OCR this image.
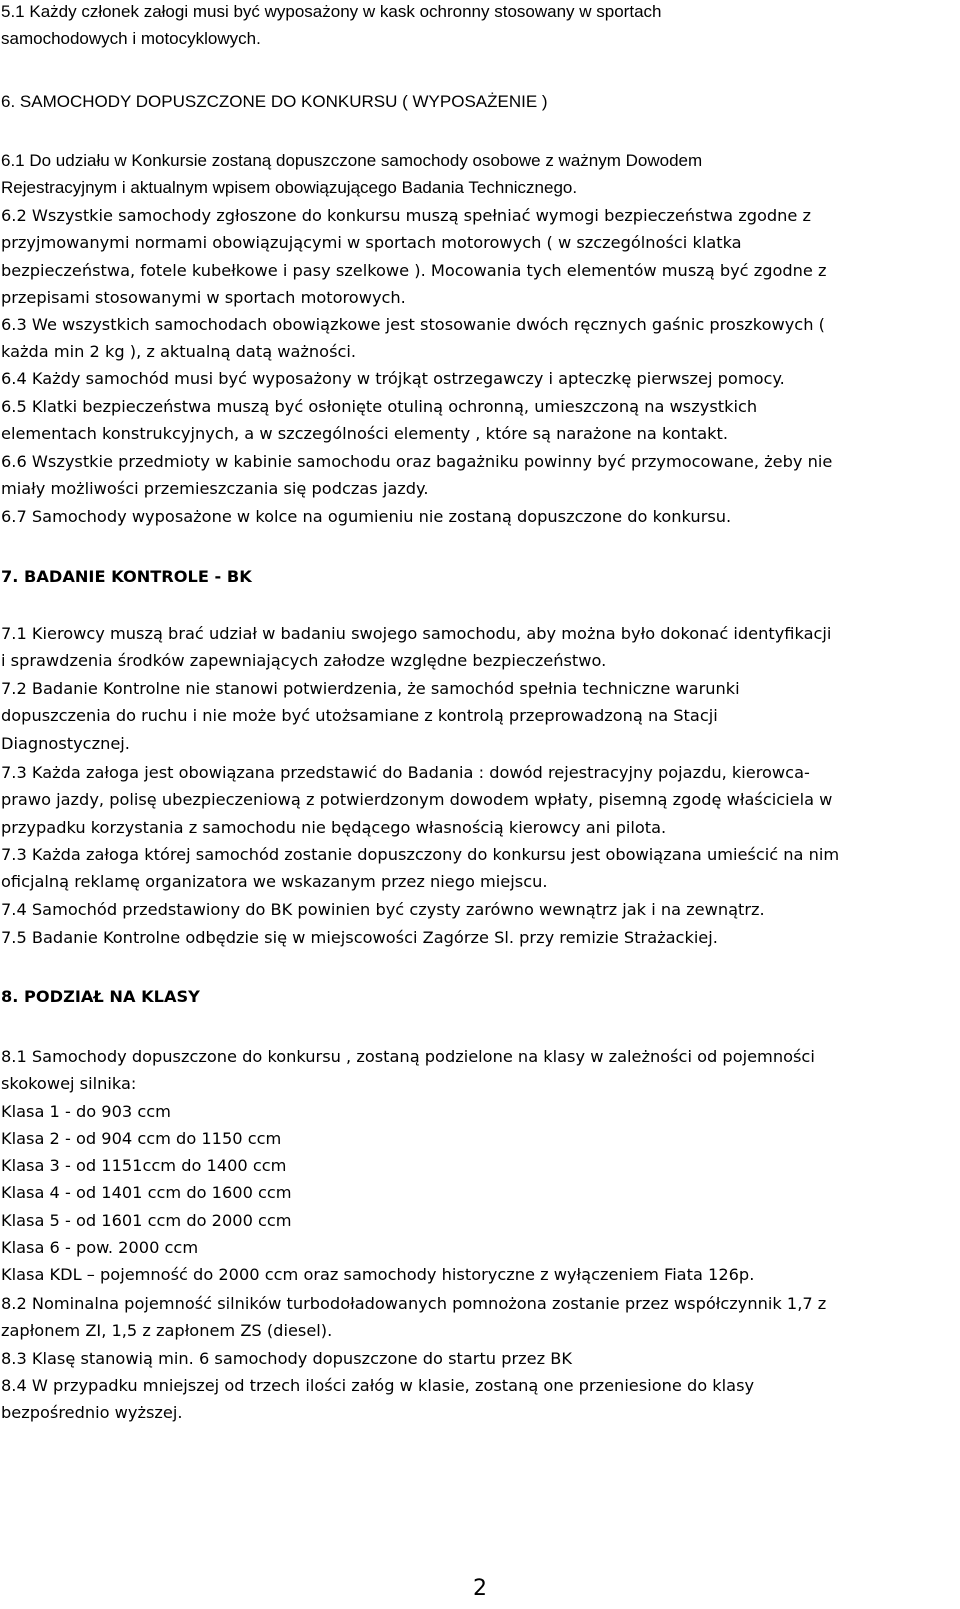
5.1 Każdy członek załogi musi być wyposażony w kask ochronny stosowany w sportach
samochodowych i motocyklowych.
6. SAMOCHODY DOPUSZCZONE DO KONKURSU ( WYPOSAŻENIE )
6.1 Do udziału w Konkursie zostaną dopuszczone samochody osobowe z ważnym Dowodem
Rejestracyjnym i aktualnym wpisem obowiązującego Badania Technicznego.
6.2 Wszystkie samochody zgłoszone do konkursu muszą spełniać wymogi bezpieczeństwa zgodne z
przyjmowanymi normami obowiązującymi w sportach motorowych ( w szczególności klatka
bezpieczeństwa, fotele kubełkowe i pasy szelkowe ). Mocowania tych elementów muszą być zgodne z
przepisami stosowanymi w sportach motorowych.
6.3 We wszystkich samochodach obowiązkowe jest stosowanie dwóch ręcznych gaśnic proszkowych (
każda min 2 kg ), z aktualną datą ważności.
6.4 Każdy samochód musi być wyposażony w trójkąt ostrzegawczy i apteczkę pierwszej pomocy.
6.5 Klatki bezpieczeństwa muszą być osłonięte otuliną ochronną, umieszczoną na wszystkich
elementach konstrukcyjnych, a w szczególności elementy , które są narażone na kontakt.
6.6 Wszystkie przedmioty w kabinie samochodu oraz bagażniku powinny być przymocowane, żeby nie
miały możliwości przemieszczania się podczas jazdy.
6.7 Samochody wyposażone w kolce na ogumieniu nie zostaną dopuszczone do konkursu.
7. BADANIE KONTROLE - BK
7.1 Kierowcy muszą brać udział w badaniu swojego samochodu, aby można było dokonać identyfikacji
i sprawdzenia środków zapewniających załodze względne bezpieczeństwo.
7.2 Badanie Kontrolne nie stanowi potwierdzenia, że samochód spełnia techniczne warunki
dopuszczenia do ruchu i nie może być utożsamiane z kontrolą przeprowadzoną na Stacji
Diagnostycznej.
7.3 Każda załoga jest obowiązana przedstawić do Badania : dowód rejestracyjny pojazdu, kierowca-
prawo jazdy, polisę ubezpieczeniową z potwierdzonym dowodem wpłaty, pisemną zgodę właściciela w
przypadku korzystania z samochodu nie będącego własnością kierowcy ani pilota.
7.3 Każda załoga której samochód zostanie dopuszczony do konkursu jest obowiązana umieścić na nim
oficjalną reklamę organizatora we wskazanym przez niego miejscu.
7.4 Samochód przedstawiony do BK powinien być czysty zarówno wewnątrz jak i na zewnątrz.
7.5 Badanie Kontrolne odbędzie się w miejscowości Zagórze Sl. przy remizie Strażackiej.
8. PODZIAŁ NA KLASY
8.1 Samochody dopuszczone do konkursu , zostaną podzielone na klasy w zależności od pojemności
skokowej silnika:
Klasa 1 - do 903 ccm
Klasa 2 - od 904 ccm do 1150 ccm
Klasa 3 - od 1151ccm do 1400 ccm
Klasa 4 - od 1401 ccm do 1600 ccm
Klasa 5 - od 1601 ccm do 2000 ccm
Klasa 6 - pow. 2000 ccm
Klasa KDL – pojemność do 2000 ccm oraz samochody historyczne z wyłączeniem Fiata 126p.
8.2 Nominalna pojemność silników turbodoładowanych pomnożona zostanie przez współczynnik 1,7 z
zapłonem ZI, 1,5 z zapłonem ZS (diesel).
8.3 Klasę stanowią min. 6 samochody dopuszczone do startu przez BK
8.4 W przypadku mniejszej od trzech ilości załóg w klasie, zostaną one przeniesione do klasy
bezpośrednio wyższej.
2
